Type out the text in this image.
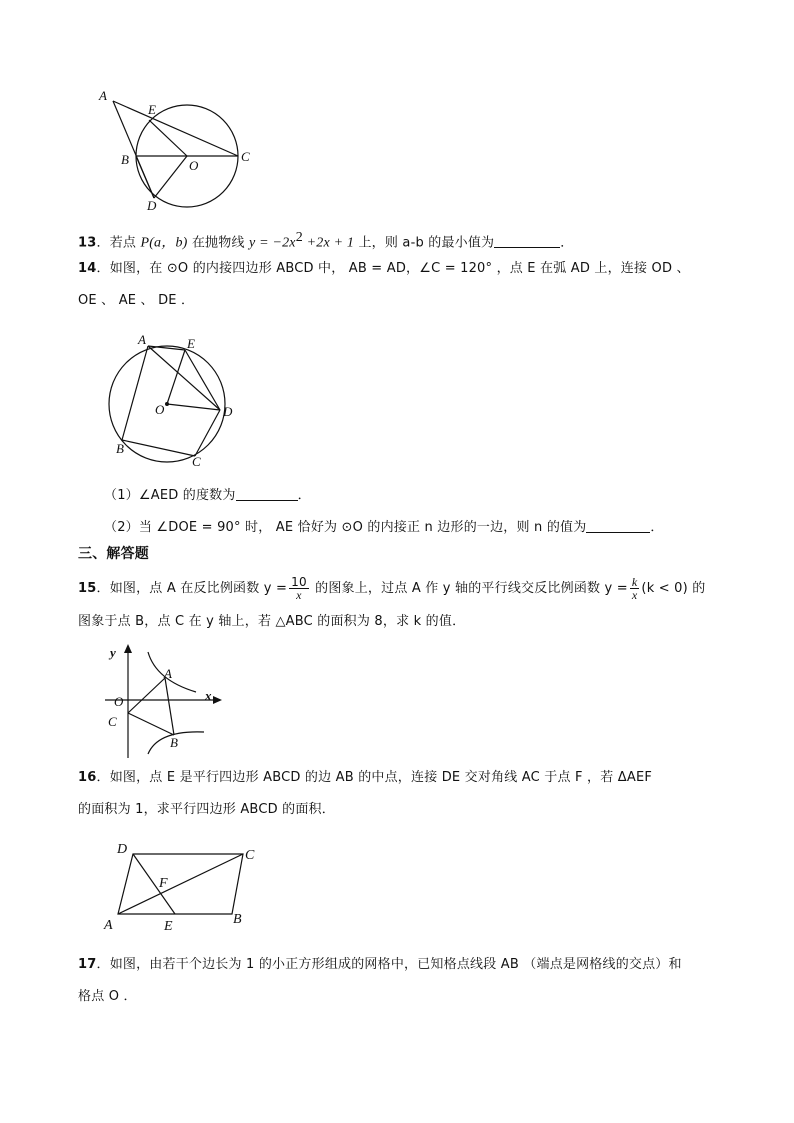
A
E
B	O
C
D
13．若点 P(a，b) 在抛物线 $y = -2x^2 +2x + 1$ 上，则 a-b 的最小值为	．
14．如图，在 ⊙O 的内接四边形 ABCD 中， AB = AD，∠C = 120° ，点 E 在弧 AD 上，连接 OD 、
OE 、 AE 、 DE ．
A	E
O	D
B
C
（1）∠AED 的度数为	．
（2）当 ∠DOE = 90° 时， AE 恰好为 ⊙O 的内接正 n 边形的一边，则 n 的值为	．
三、解答题
15．如图，点 A 在反比例函数 $y = \frac{10}{x}$ 的图象上，过点 A 作 y 轴的平行线交反比例函数 $y = \frac{k}{x} (k < 0)$ 的
图象于点 B，点 C 在 y 轴上，若 △ABC 的面积为 8，求 k 的值．
y
A
O	x
C
B
16．如图，点 E 是平行四边形 ABCD 的边 AB 的中点，连接 DE 交对角线 AC 于点 F ，若 ΔAEF
的面积为 1，求平行四边形 ABCD 的面积．
D	C
F
A	E	B
17．如图，由若干个边长为 1 的小正方形组成的网格中，已知格点线段 AB （端点是网格线的交点）和
格点 O ．
